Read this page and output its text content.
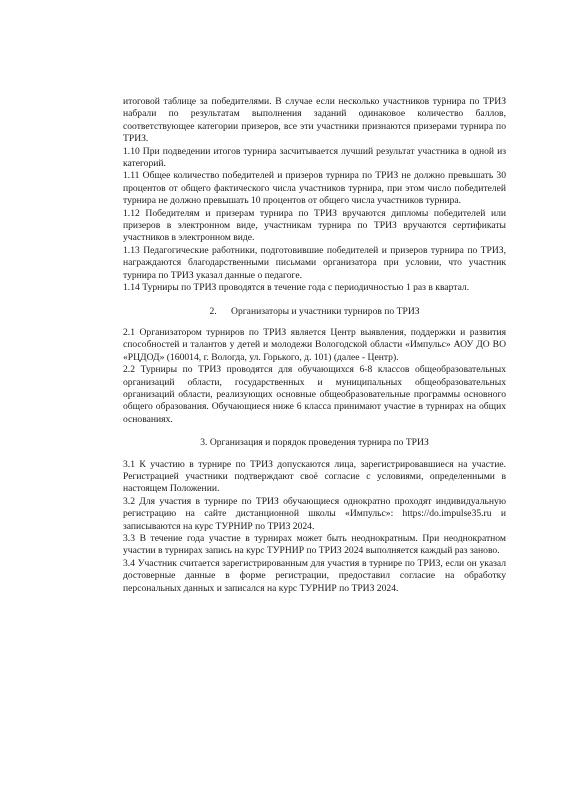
итоговой таблице за победителями. В случае если несколько участников турнира по ТРИЗ набрали по результатам выполнения заданий одинаковое количество баллов, соответствующее категории призеров, все эти участники признаются призерами турнира по ТРИЗ.

1.10 При подведении итогов турнира засчитывается лучший результат участника в одной из категорий.

1.11 Общее количество победителей и призеров турнира по ТРИЗ не должно превышать 30 процентов от общего фактического числа участников турнира, при этом число победителей турнира не должно превышать 10 процентов от общего числа участников турнира.

1.12 Победителям и призерам турнира по ТРИЗ вручаются дипломы победителей или призеров в электронном виде, участникам турнира по ТРИЗ вручаются сертификаты участников в электронном виде.

1.13 Педагогические работники, подготовившие победителей и призеров турнира по ТРИЗ, награждаются благодарственными письмами организатора при условии, что участник турнира по ТРИЗ указал данные о педагоге.

1.14 Турниры по ТРИЗ проводятся в течение года с периодичностью 1 раз в квартал.

2.      Организаторы и участники турниров по ТРИЗ

2.1 Организатором турниров по ТРИЗ является Центр выявления, поддержки и развития способностей и талантов у детей и молодежи Вологодской области «Импульс» АОУ ДО ВО «РЦДОД» (160014, г. Вологда, ул. Горького, д. 101) (далее - Центр).

2.2 Турниры по ТРИЗ проводятся для обучающихся 6-8 классов общеобразовательных организаций области, государственных и муниципальных общеобразовательных организаций области, реализующих основные общеобразовательные программы основного общего образования. Обучающиеся ниже 6 класса принимают участие в турнирах на общих основаниях.

3. Организация и порядок проведения турнира по ТРИЗ

3.1 К участию в турнире по ТРИЗ допускаются лица, зарегистрировавшиеся на участие. Регистрацией участники подтверждают своё согласие с условиями, определенными в настоящем Положении.

3.2 Для участия в турнире по ТРИЗ обучающиеся однократно проходят индивидуальную регистрацию на сайте дистанционной школы «Импульс»: https://do.impulse35.ru и записываются на курс ТУРНИР по ТРИЗ 2024.

3.3 В течение года участие в турнирах может быть неоднократным. При неоднократном участии в турнирах запись на курс ТУРНИР по ТРИЗ 2024 выполняется каждый раз заново.

3.4 Участник считается зарегистрированным для участия в турнире по ТРИЗ, если он указал достоверные данные в форме регистрации, предоставил согласие на обработку персональных данных и записался на курс ТУРНИР по ТРИЗ 2024.
